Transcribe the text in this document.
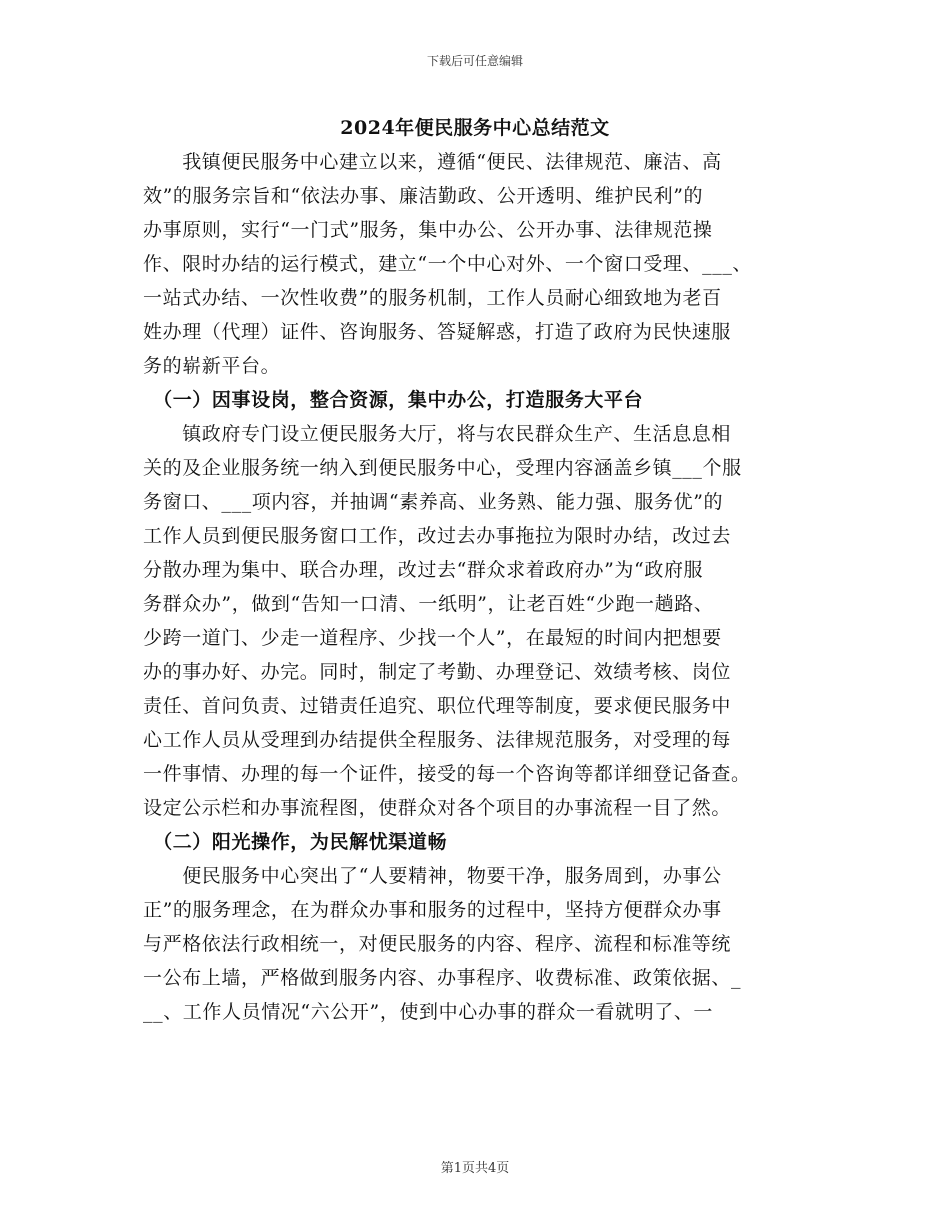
下载后可任意编辑
2024年便民服务中心总结范文
　　我镇便民服务中心建立以来，遵循“便民、法律规范、廉洁、高
效”的服务宗旨和“依法办事、廉洁勤政、公开透明、维护民利”的
办事原则，实行“一门式”服务，集中办公、公开办事、法律规范操
作、限时办结的运行模式，建立“一个中心对外、一个窗口受理、___、
一站式办结、一次性收费”的服务机制，工作人员耐心细致地为老百
姓办理（代理）证件、咨询服务、答疑解惑，打造了政府为民快速服
务的崭新平台。
　（一）因事设岗，整合资源，集中办公，打造服务大平台
　　镇政府专门设立便民服务大厅，将与农民群众生产、生活息息相
关的及企业服务统一纳入到便民服务中心，受理内容涵盖乡镇___个服
务窗口、___项内容，并抽调“素养高、业务熟、能力强、服务优”的
工作人员到便民服务窗口工作，改过去办事拖拉为限时办结，改过去
分散办理为集中、联合办理，改过去“群众求着政府办”为“政府服
务群众办”，做到“告知一口清、一纸明”，让老百姓“少跑一趟路、
少跨一道门、少走一道程序、少找一个人”，在最短的时间内把想要
办的事办好、办完。同时，制定了考勤、办理登记、效绩考核、岗位
责任、首问负责、过错责任追究、职位代理等制度，要求便民服务中
心工作人员从受理到办结提供全程服务、法律规范服务，对受理的每
一件事情、办理的每一个证件，接受的每一个咨询等都详细登记备查。
设定公示栏和办事流程图，使群众对各个项目的办事流程一目了然。
　（二）阳光操作，为民解忧渠道畅
　　便民服务中心突出了“人要精神，物要干净，服务周到，办事公
正”的服务理念，在为群众办事和服务的过程中，坚持方便群众办事
与严格依法行政相统一，对便民服务的内容、程序、流程和标准等统
一公布上墙，严格做到服务内容、办事程序、收费标准、政策依据、_
__、工作人员情况“六公开”，使到中心办事的群众一看就明了、一
第1页共4页
